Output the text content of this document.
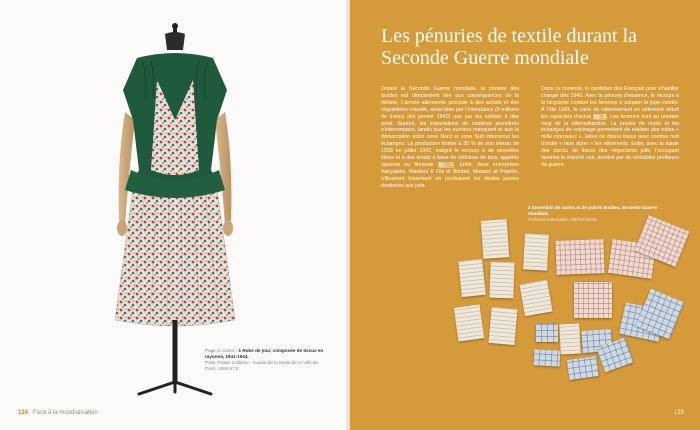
Page ci-contre : 1 Robe de jour, composée de tissus en rayonne, 1941-1944.
Paris, Palais Galliera – musée de la Mode de la Ville de Paris, 1988.87.6.
124 Face à la mondialisation
Les pénuries de textile durant la Seconde Guerre mondiale
Durant la Seconde Guerre mondiale, la pénurie des textiles est directement liée aux conséquences de la défaite. L’armée allemande procède à des achats et des réquisitions massifs, aussi bien par l’intendance (5 millions de francs dès janvier 1940) que par les soldats à titre privé. Surtout, les importations de matières premières s’interrompent, tandis que les ouvriers manquent et que la démarcation entre zone Nord et zone Sud interrompt les échanges. La production tombe à 30 % de son niveau de 1938 en juillet 1942, malgré le recours à de nouvelles fibres et à des ersatz à base de cellulose de bois, appelés rayonne ou fibranne fig. 1. Enfin, deux entreprises françaises, Wauters & Fils et Bonbel, Masson et Popelin, s’illustrent tristement en produisant les étoiles jaunes destinées aux juifs.
Dans ce contexte, le quotidien des Français pour s’habiller change dès 1940. Avec la pénurie d’essence, le recours à la bicyclette conduit les femmes à adopter la jupe-culotte. À l’été 1941, la carte de rationnement en vêtement réduit les capacités d’achat fig. 2. Les femmes sont au premier rang de la débrouillardise. La presse de mode et les échanges de voisinage permettent de réaliser des robes « mille morceaux », faites de divers tissus avec comme mot d’ordre « faire durer » les vêtements. Enfin, avec la saisie des stocks de tissus des négociants juifs, l’occupant favorise le marché noir, dominé par de véritables profiteurs de guerre.
2 Ensemble de cartes et de points textiles, Seconde Guerre mondiale.
Archives nationales, AB/XIX/4048.
125
